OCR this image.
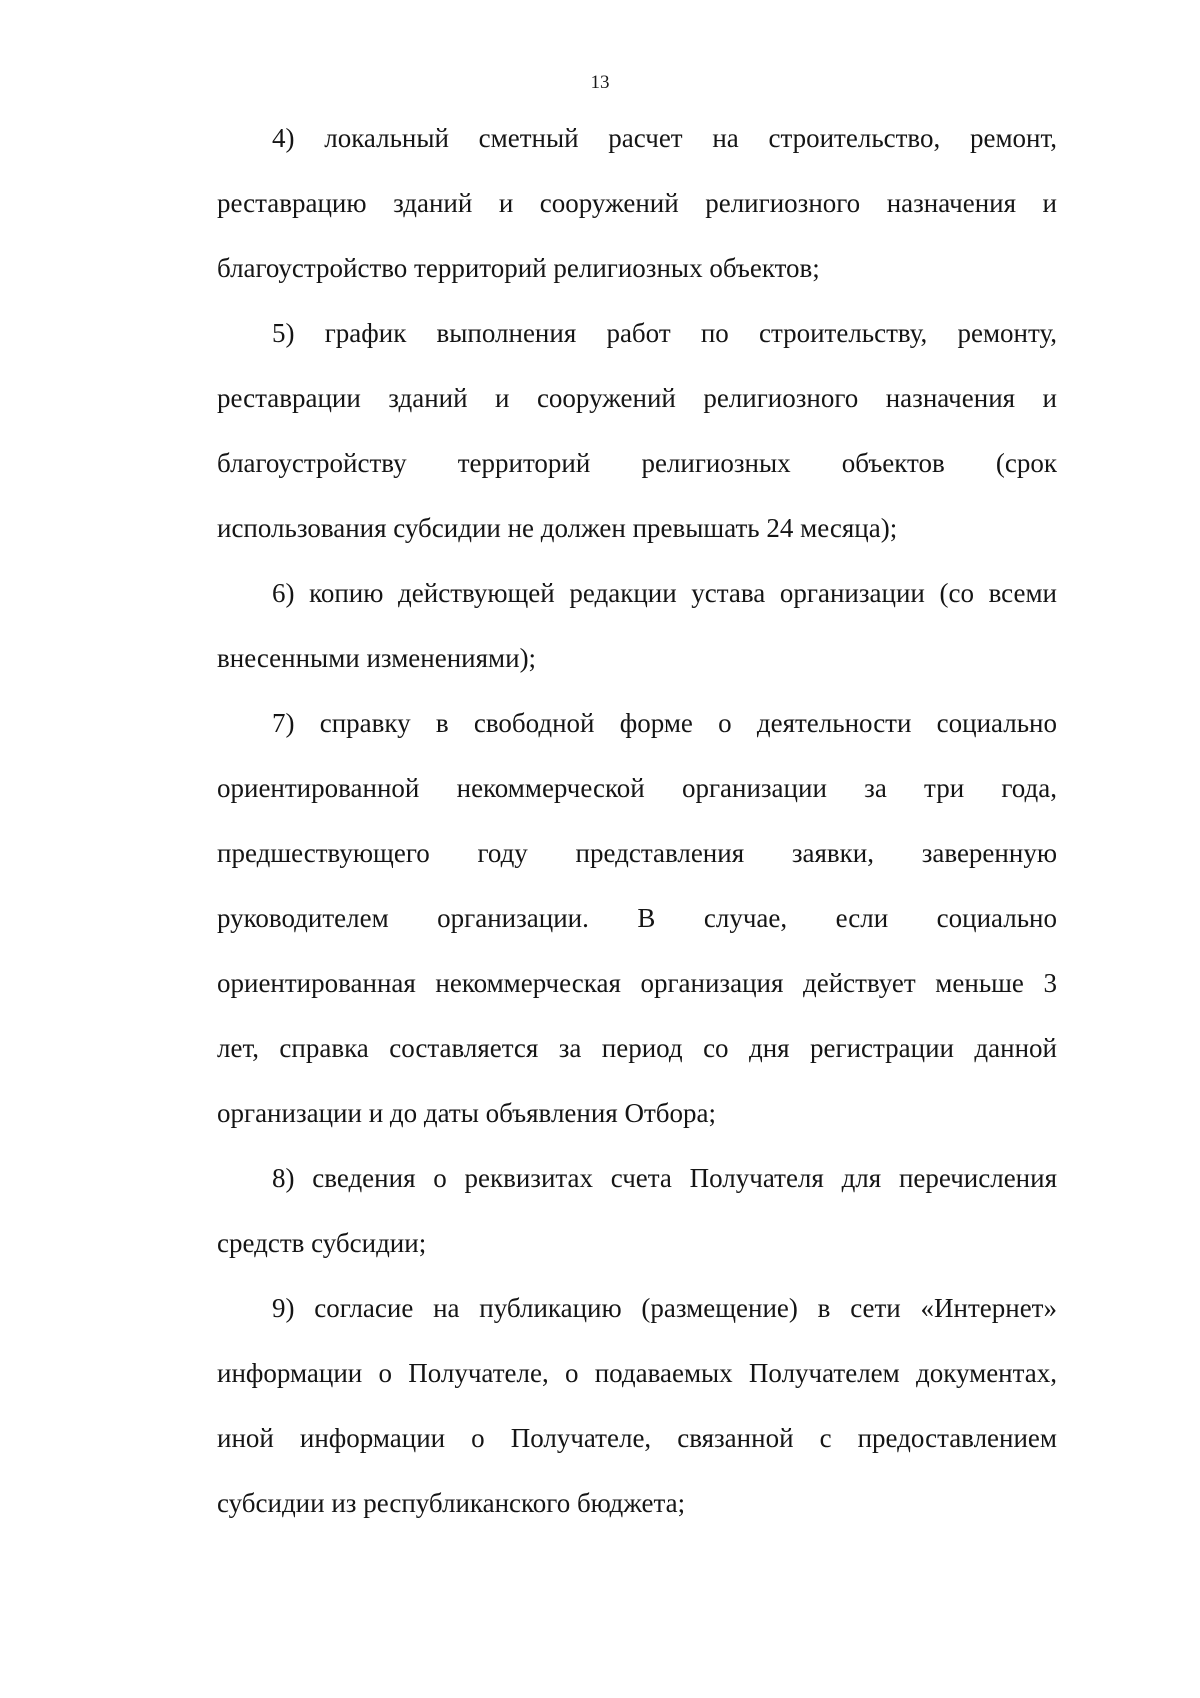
13
4) локальный сметный расчет на строительство, ремонт,
реставрацию зданий и сооружений религиозного назначения и
благоустройство территорий религиозных объектов;
5) график выполнения работ по строительству, ремонту,
реставрации зданий и сооружений религиозного назначения и
благоустройству территорий религиозных объектов (срок
использования субсидии не должен превышать 24 месяца);
6) копию действующей редакции устава организации (со всеми
внесенными изменениями);
7) справку в свободной форме о деятельности социально
ориентированной некоммерческой организации за три года,
предшествующего году представления заявки, заверенную
руководителем организации. В случае, если социально
ориентированная некоммерческая организация действует меньше 3
лет, справка составляется за период со дня регистрации данной
организации и до даты объявления Отбора;
8) сведения о реквизитах счета Получателя для перечисления
средств субсидии;
9) согласие на публикацию (размещение) в сети «Интернет»
информации о Получателе, о подаваемых Получателем документах,
иной информации о Получателе, связанной с предоставлением
субсидии из республиканского бюджета;
